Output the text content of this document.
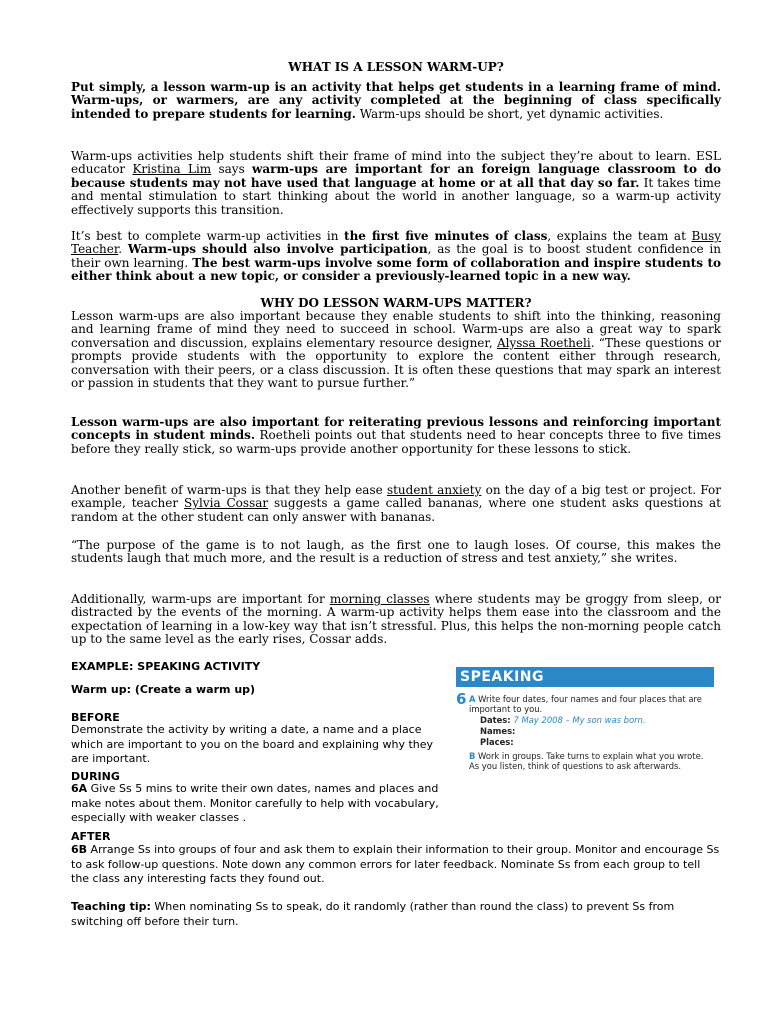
WHAT IS A LESSON WARM-UP?

Put simply, a lesson warm-up is an activity that helps get students in a learning frame of mind. Warm-ups, or warmers, are any activity completed at the beginning of class specifically intended to prepare students for learning. Warm-ups should be short, yet dynamic activities.

Warm-ups activities help students shift their frame of mind into the subject they’re about to learn. ESL educator Kristina Lim says warm-ups are important for an foreign language classroom to do because students may not have used that language at home or at all that day so far. It takes time and mental stimulation to start thinking about the world in another language, so a warm-up activity effectively supports this transition.

It’s best to complete warm-up activities in the first five minutes of class, explains the team at Busy Teacher. Warm-ups should also involve participation, as the goal is to boost student confidence in their own learning. The best warm-ups involve some form of collaboration and inspire students to either think about a new topic, or consider a previously-learned topic in a new way.

WHY DO LESSON WARM-UPS MATTER?

Lesson warm-ups are also important because they enable students to shift into the thinking, reasoning and learning frame of mind they need to succeed in school. Warm-ups are also a great way to spark conversation and discussion, explains elementary resource designer, Alyssa Roetheli. “These questions or prompts provide students with the opportunity to explore the content either through research, conversation with their peers, or a class discussion. It is often these questions that may spark an interest or passion in students that they want to pursue further.”

Lesson warm-ups are also important for reiterating previous lessons and reinforcing important concepts in student minds. Roetheli points out that students need to hear concepts three to five times before they really stick, so warm-ups provide another opportunity for these lessons to stick.

Another benefit of warm-ups is that they help ease student anxiety on the day of a big test or project. For example, teacher Sylvia Cossar suggests a game called bananas, where one student asks questions at random at the other student can only answer with bananas.

“The purpose of the game is to not laugh, as the first one to laugh loses. Of course, this makes the students laugh that much more, and the result is a reduction of stress and test anxiety,” she writes.

Additionally, warm-ups are important for morning classes where students may be groggy from sleep, or distracted by the events of the morning. A warm-up activity helps them ease into the classroom and the expectation of learning in a low-key way that isn’t stressful. Plus, this helps the non-morning people catch up to the same level as the early rises, Cossar adds.

EXAMPLE: SPEAKING ACTIVITY

Warm up: (Create a warm up)

BEFORE

Demonstrate the activity by writing a date, a name and a place which are important to you on the board and explaining why they are important.

DURING

6A Give Ss 5 mins to write their own dates, names and places and make notes about them. Monitor carefully to help with vocabulary, especially with weaker classes .

AFTER

6B Arrange Ss into groups of four and ask them to explain their information to their group. Monitor and encourage Ss to ask follow-up questions. Note down any common errors for later feedback. Nominate Ss from each group to tell the class any interesting facts they found out.

Teaching tip: When nominating Ss to speak, do it randomly (rather than round the class) to prevent Ss from switching off before their turn.

SPEAKING
6 A Write four dates, four names and four places that are important to you.
Dates: 7 May 2008 – My son was born.
Names:
Places:
B Work in groups. Take turns to explain what you wrote. As you listen, think of questions to ask afterwards.
